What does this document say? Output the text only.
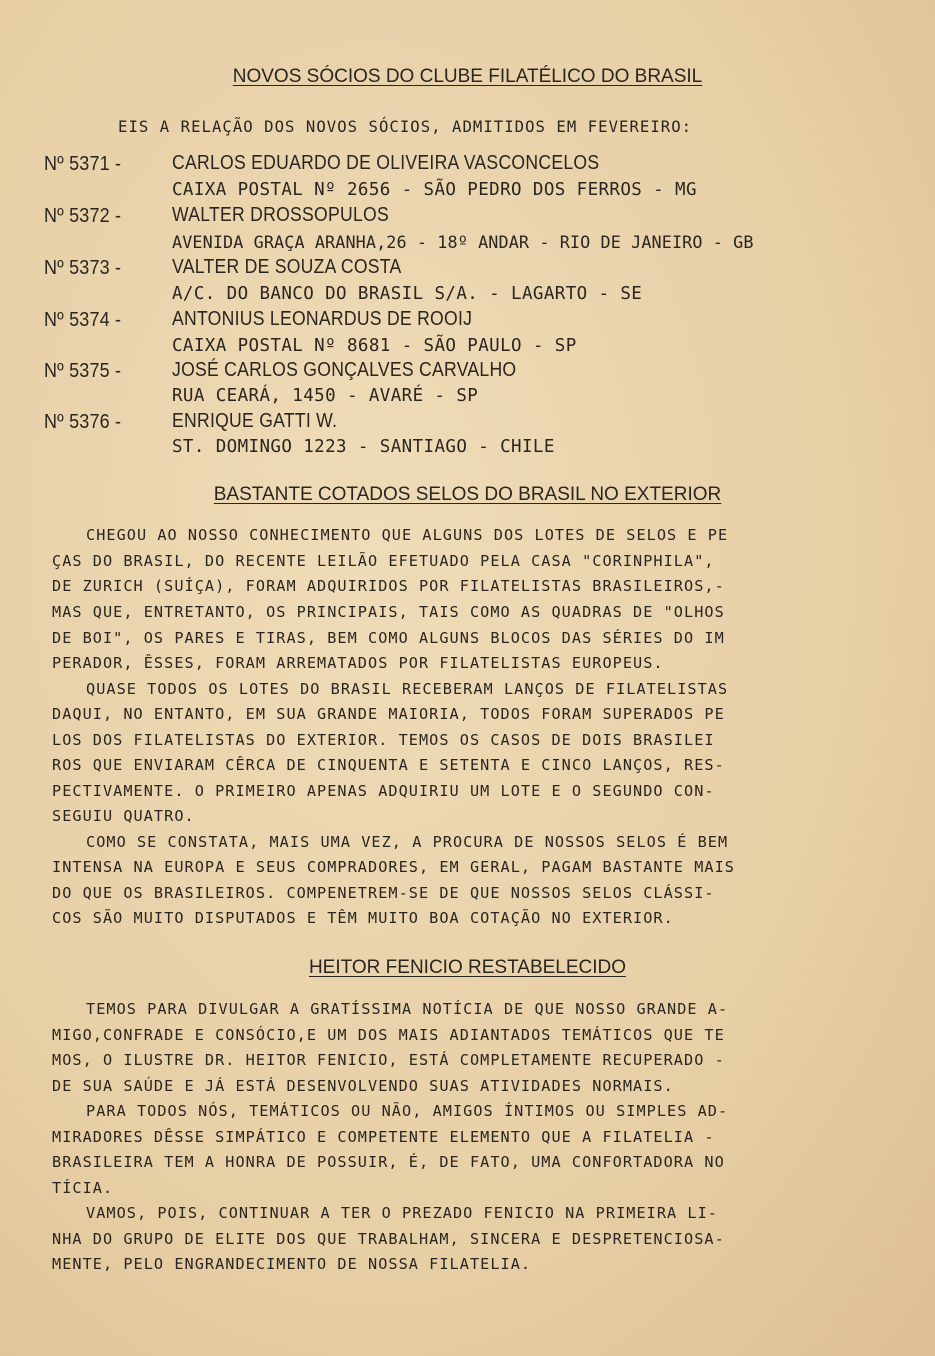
NOVOS SÓCIOS DO CLUBE FILATÉLICO DO BRASIL
EIS A RELAÇÃO DOS NOVOS SÓCIOS, ADMITIDOS EM FEVEREIRO:
Nº 5371 -	CARLOS EDUARDO DE OLIVEIRA VASCONCELOS
CAIXA POSTAL Nº 2656 - SÃO PEDRO DOS FERROS - MG
Nº 5372 -	WALTER DROSSOPULOS
AVENIDA GRAÇA ARANHA,26 - 18º ANDAR - RIO DE JANEIRO - GB
Nº 5373 -	VALTER DE SOUZA COSTA
A/C. DO BANCO DO BRASIL S/A. - LAGARTO - SE
Nº 5374 -	ANTONIUS LEONARDUS DE ROOIJ
CAIXA POSTAL Nº 8681 - SÃO PAULO - SP
Nº 5375 -	JOSÉ CARLOS GONÇALVES CARVALHO
RUA CEARÁ, 1450 - AVARÉ - SP
Nº 5376 -	ENRIQUE GATTI W.
ST. DOMINGO 1223 - SANTIAGO - CHILE
BASTANTE COTADOS SELOS DO BRASIL NO EXTERIOR
CHEGOU AO NOSSO CONHECIMENTO QUE ALGUNS DOS LOTES DE SELOS E PE
ÇAS DO BRASIL, DO RECENTE LEILÃO EFETUADO PELA CASA "CORINPHILA",
DE ZURICH (SUÍÇA), FORAM ADQUIRIDOS POR FILATELISTAS BRASILEIROS,-
MAS QUE, ENTRETANTO, OS PRINCIPAIS, TAIS COMO AS QUADRAS DE "OLHOS
DE BOI", OS PARES E TIRAS, BEM COMO ALGUNS BLOCOS DAS SÉRIES DO IM
PERADOR, ÊSSES, FORAM ARREMATADOS POR FILATELISTAS EUROPEUS.
QUASE TODOS OS LOTES DO BRASIL RECEBERAM LANÇOS DE FILATELISTAS
DAQUI, NO ENTANTO, EM SUA GRANDE MAIORIA, TODOS FORAM SUPERADOS PE
LOS DOS FILATELISTAS DO EXTERIOR. TEMOS OS CASOS DE DOIS BRASILEI
ROS QUE ENVIARAM CÊRCA DE CINQUENTA E SETENTA E CINCO LANÇOS, RES-
PECTIVAMENTE. O PRIMEIRO APENAS ADQUIRIU UM LOTE E O SEGUNDO CON-
SEGUIU QUATRO.
COMO SE CONSTATA, MAIS UMA VEZ, A PROCURA DE NOSSOS SELOS É BEM
INTENSA NA EUROPA E SEUS COMPRADORES, EM GERAL, PAGAM BASTANTE MAIS
DO QUE OS BRASILEIROS. COMPENETREM-SE DE QUE NOSSOS SELOS CLÁSSI-
COS SÃO MUITO DISPUTADOS E TÊM MUITO BOA COTAÇÃO NO EXTERIOR.
HEITOR FENICIO RESTABELECIDO
TEMOS PARA DIVULGAR A GRATÍSSIMA NOTÍCIA DE QUE NOSSO GRANDE A-
MIGO,CONFRADE E CONSÓCIO,E UM DOS MAIS ADIANTADOS TEMÁTICOS QUE TE
MOS, O ILUSTRE DR. HEITOR FENICIO, ESTÁ COMPLETAMENTE RECUPERADO -
DE SUA SAÚDE E JÁ ESTÁ DESENVOLVENDO SUAS ATIVIDADES NORMAIS.
PARA TODOS NÓS, TEMÁTICOS OU NÃO, AMIGOS ÍNTIMOS OU SIMPLES AD-
MIRADORES DÊSSE SIMPÁTICO E COMPETENTE ELEMENTO QUE A FILATELIA -
BRASILEIRA TEM A HONRA DE POSSUIR, É, DE FATO, UMA CONFORTADORA NO
TÍCIA.
VAMOS, POIS, CONTINUAR A TER O PREZADO FENICIO NA PRIMEIRA LI-
NHA DO GRUPO DE ELITE DOS QUE TRABALHAM, SINCERA E DESPRETENCIOSA-
MENTE, PELO ENGRANDECIMENTO DE NOSSA FILATELIA.
